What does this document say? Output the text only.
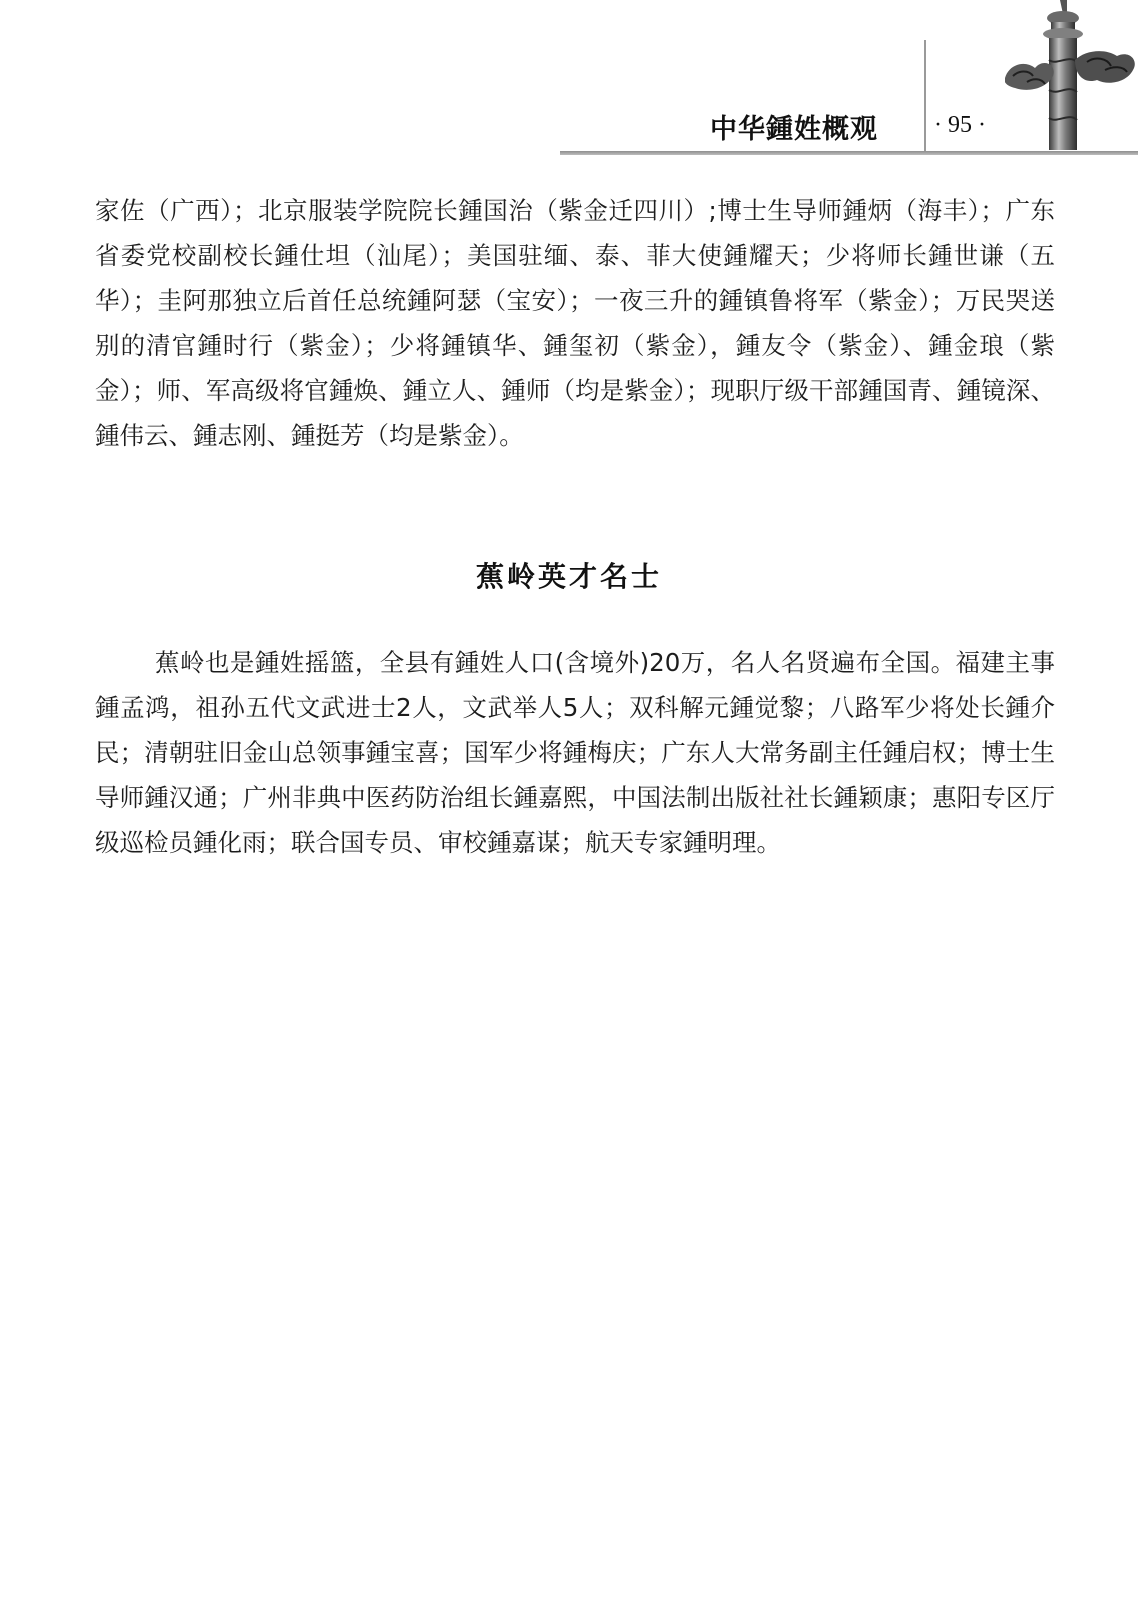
中华鍾姓概观 · 95 ·

家佐（广西）；北京服装学院院长鍾国治（紫金迁四川）;博士生导师鍾炳（海丰）；广东省委党校副校长鍾仕坦（汕尾）；美国驻缅、泰、菲大使鍾耀天；少将师长鍾世谦（五华）；圭阿那独立后首任总统鍾阿瑟（宝安）；一夜三升的鍾镇鲁将军（紫金）；万民哭送别的清官鍾时行（紫金）；少将鍾镇华、鍾玺初（紫金），鍾友令（紫金）、鍾金琅（紫金）；师、军高级将官鍾焕、鍾立人、鍾师（均是紫金）；现职厅级干部鍾国青、鍾镜深、鍾伟云、鍾志刚、鍾挺芳（均是紫金）。

蕉岭英才名士

蕉岭也是鍾姓摇篮，全县有鍾姓人口(含境外)20万，名人名贤遍布全国。福建主事鍾孟鸿，祖孙五代文武进士2人，文武举人5人；双科解元鍾觉黎；八路军少将处长鍾介民；清朝驻旧金山总领事鍾宝喜；国军少将鍾梅庆；广东人大常务副主任鍾启权；博士生导师鍾汉通；广州非典中医药防治组长鍾嘉熙，中国法制出版社社长鍾颖康；惠阳专区厅级巡检员鍾化雨；联合国专员、审校鍾嘉谋；航天专家鍾明理。
